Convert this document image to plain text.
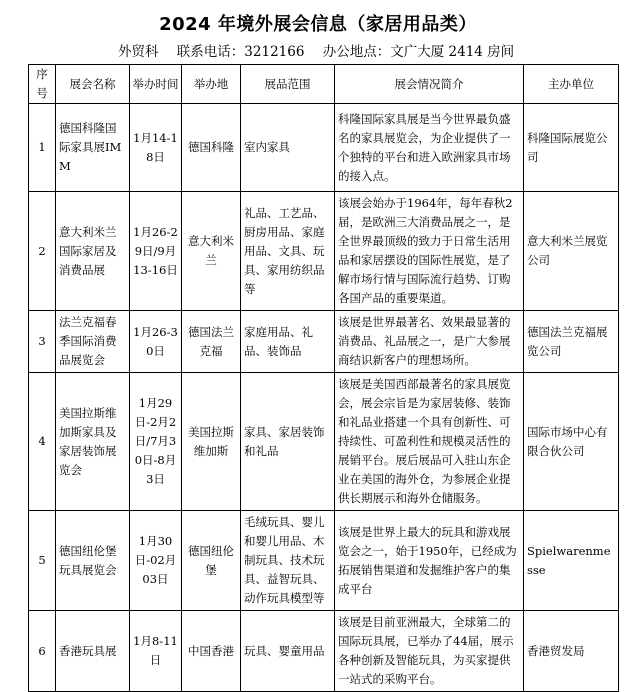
2024 年境外展会信息（家居用品类）
外贸科 联系电话：3212166 办公地点：文广大厦 2414 房间
序号	展会名称	举办时间	举办地	展品范围	展会情况简介	主办单位
1	德国科隆国际家具展IMM	1月14-18日	德国科隆	室内家具	科隆国际家具展是当今世界最负盛名的家具展览会，为企业提供了一个独特的平台和进入欧洲家具市场的接入点。	科隆国际展览公司
2	意大利米兰国际家居及消费品展	1月26-29日/9月13-16日	意大利米兰	礼品、工艺品、厨房用品、家庭用品、文具、玩具、家用纺织品等	该展会始办于1964年，每年春秋2届，是欧洲三大消费品展之一，是全世界最顶级的致力于日常生活用品和家居摆设的国际性展览，是了解市场行情与国际流行趋势、订购各国产品的重要渠道。	意大利米兰展览公司
3	法兰克福春季国际消费品展览会	1月26-30日	德国法兰克福	家庭用品、礼品、装饰品	该展是世界最著名、效果最显著的消费品、礼品展之一，是广大参展商结识新客户的理想场所。	德国法兰克福展览公司
4	美国拉斯维加斯家具及家居装饰展览会	1月29日-2月2日/7月30日-8月3日	美国拉斯维加斯	家具、家居装饰和礼品	该展是美国西部最著名的家具展览会，展会宗旨是为家居装修、装饰和礼品业搭建一个具有创新性、可持续性、可盈利性和规模灵活性的展销平台。展后展品可入驻山东企业在美国的海外仓，为参展企业提供长期展示和海外仓储服务。	国际市场中心有限合伙公司
5	德国纽伦堡玩具展览会	1月30日-02月03日	德国纽伦堡	毛绒玩具、婴儿和婴儿用品、木制玩具、技术玩具、益智玩具、动作玩具模型等	该展是世界上最大的玩具和游戏展览会之一，始于1950年，已经成为拓展销售渠道和发掘维护客户的集成平台	Spielwarenmesse
6	香港玩具展	1月8-11日	中国香港	玩具、婴童用品	该展是目前亚洲最大，全球第二的国际玩具展，已举办了44届，展示各种创新及智能玩具，为买家提供一站式的采购平台。	香港贸发局
